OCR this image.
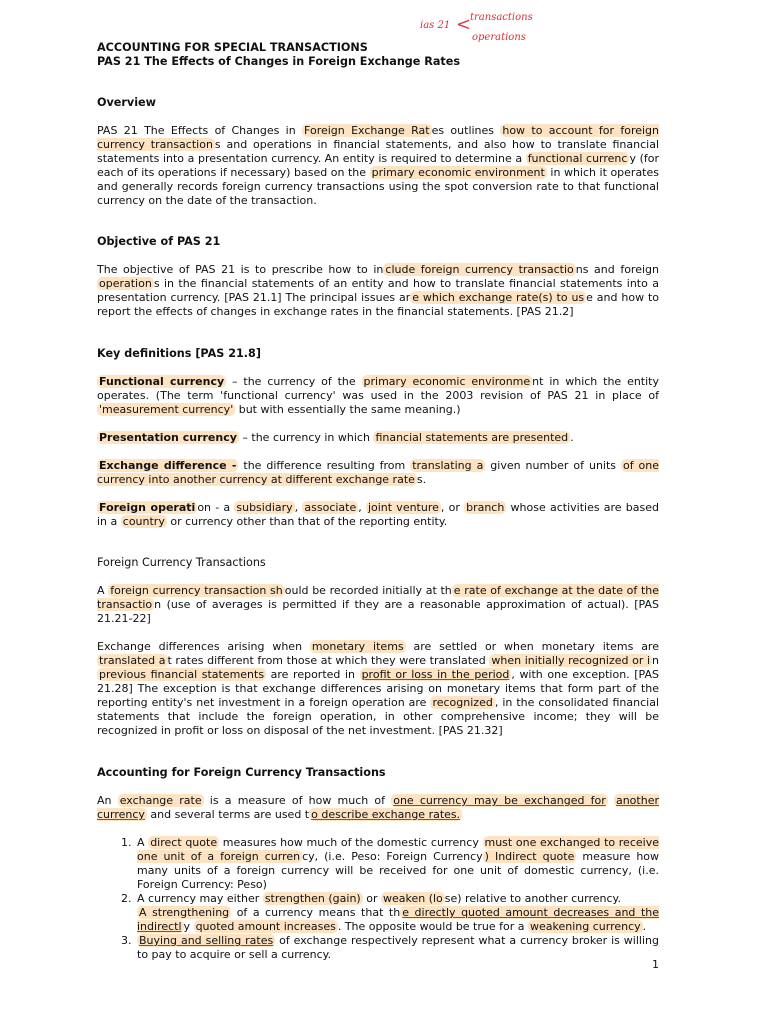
ias 21 <
transactions
operations
ACCOUNTING FOR SPECIAL TRANSACTIONS
PAS 21 The Effects of Changes in Foreign Exchange Rates
Overview

PAS 21 The Effects of Changes in Foreign Exchange Rat es outlines how to account for foreign currency transaction s and operations in financial statements, and also how to translate financial statements into a presentation currency. An entity is required to determine a functional currenc y (for each of its operations if necessary) based on the primary economic environment in which it operates and generally records foreign currency transactions using the spot conversion rate to that functional currency on the date of the transaction.

Objective of PAS 21

The objective of PAS 21 is to prescribe how to in clude foreign currency transactio ns and foreign operation s in the financial statements of an entity and how to translate financial statements into a presentation currency. [PAS 21.1] The principal issues ar e which exchange rate(s) to us e and how to report the effects of changes in exchange rates in the financial statements. [PAS 21.2]

Key definitions [PAS 21.8]

Functional currency – the currency of the primary economic environme nt in which the entity operates. (The term 'functional currency' was used in the 2003 revision of PAS 21 in place of 'measurement currency' but with essentially the same meaning.)

Presentation currency – the currency in which financial statements are presented .

Exchange difference - the difference resulting from translating a given number of units of one currency into another currency at different exchange rate s.

Foreign operati on - a subsidiary , associate , joint venture , or branch whose activities are based in a country or currency other than that of the reporting entity.

Foreign Currency Transactions

A foreign currency transaction sh ould be recorded initially at th e rate of exchange at the date of the transactio n (use of averages is permitted if they are a reasonable approximation of actual). [PAS 21.21-22]

Exchange differences arising when monetary items are settled or when monetary items are translated a t rates different from those at which they were translated when initially recognized or i n previous financial statements are reported in profit or loss in the period , with one exception. [PAS 21.28] The exception is that exchange differences arising on monetary items that form part of the reporting entity's net investment in a foreign operation are recognized , in the consolidated financial statements that include the foreign operation, in other comprehensive income; they will be recognized in profit or loss on disposal of the net investment. [PAS 21.32]

Accounting for Foreign Currency Transactions

An exchange rate is a measure of how much of one currency may be exchanged for another currency and several terms are used t o describe exchange rates.

1. A direct quote measures how much of the domestic currency must one exchanged to receive one unit of a foreign curren cy, (i.e. Peso: Foreign Currency ) Indirect quote measure how many units of a foreign currency will be received for one unit of domestic currency, (i.e. Foreign Currency: Peso)
2. A currency may either strengthen (gain) or weaken (lo se) relative to another currency.
A strengthening of a currency means that th e directly quoted amount decreases and the indirectl y quoted amount increases . The opposite would be true for a weakening currency .
3. Buying and selling rates of exchange respectively represent what a currency broker is willing to pay to acquire or sell a currency.
1
